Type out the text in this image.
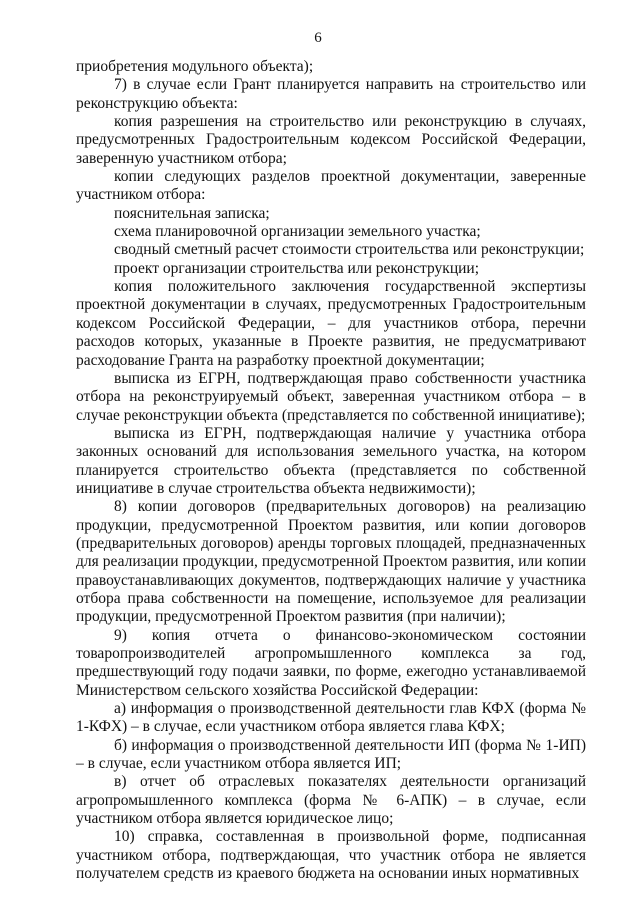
6

приобретения модульного объекта);

7) в случае если Грант планируется направить на строительство или реконструкцию объекта:

копия разрешения на строительство или реконструкцию в случаях, предусмотренных Градостроительным кодексом Российской Федерации, заверенную участником отбора;

копии следующих разделов проектной документации, заверенные участником отбора:

пояснительная записка;

схема планировочной организации земельного участка;

сводный сметный расчет стоимости строительства или реконструкции;

проект организации строительства или реконструкции;

копия положительного заключения государственной экспертизы проектной документации в случаях, предусмотренных Градостроительным кодексом Российской Федерации, – для участников отбора, перечни расходов которых, указанные в Проекте развития, не предусматривают расходование Гранта на разработку проектной документации;

выписка из ЕГРН, подтверждающая право собственности участника отбора на реконструируемый объект, заверенная участником отбора – в случае реконструкции объекта (представляется по собственной инициативе);

выписка из ЕГРН, подтверждающая наличие у участника отбора законных оснований для использования земельного участка, на котором планируется строительство объекта (представляется по собственной инициативе в случае строительства объекта недвижимости);

8) копии договоров (предварительных договоров) на реализацию продукции, предусмотренной Проектом развития, или копии договоров (предварительных договоров) аренды торговых площадей, предназначенных для реализации продукции, предусмотренной Проектом развития, или копии правоустанавливающих документов, подтверждающих наличие у участника отбора права собственности на помещение, используемое для реализации продукции, предусмотренной Проектом развития (при наличии);

9) копия отчета о финансово-экономическом состоянии товаропроизводителей агропромышленного комплекса за год, предшествующий году подачи заявки, по форме, ежегодно устанавливаемой Министерством сельского хозяйства Российской Федерации:

а) информация о производственной деятельности глав КФХ (форма № 1-КФХ) – в случае, если участником отбора является глава КФХ;

б) информация о производственной деятельности ИП (форма № 1-ИП) – в случае, если участником отбора является ИП;

в) отчет об отраслевых показателях деятельности организаций агропромышленного комплекса (форма № 6-АПК) – в случае, если участником отбора является юридическое лицо;

10) справка, составленная в произвольной форме, подписанная участником отбора, подтверждающая, что участник отбора не является получателем средств из краевого бюджета на основании иных нормативных
